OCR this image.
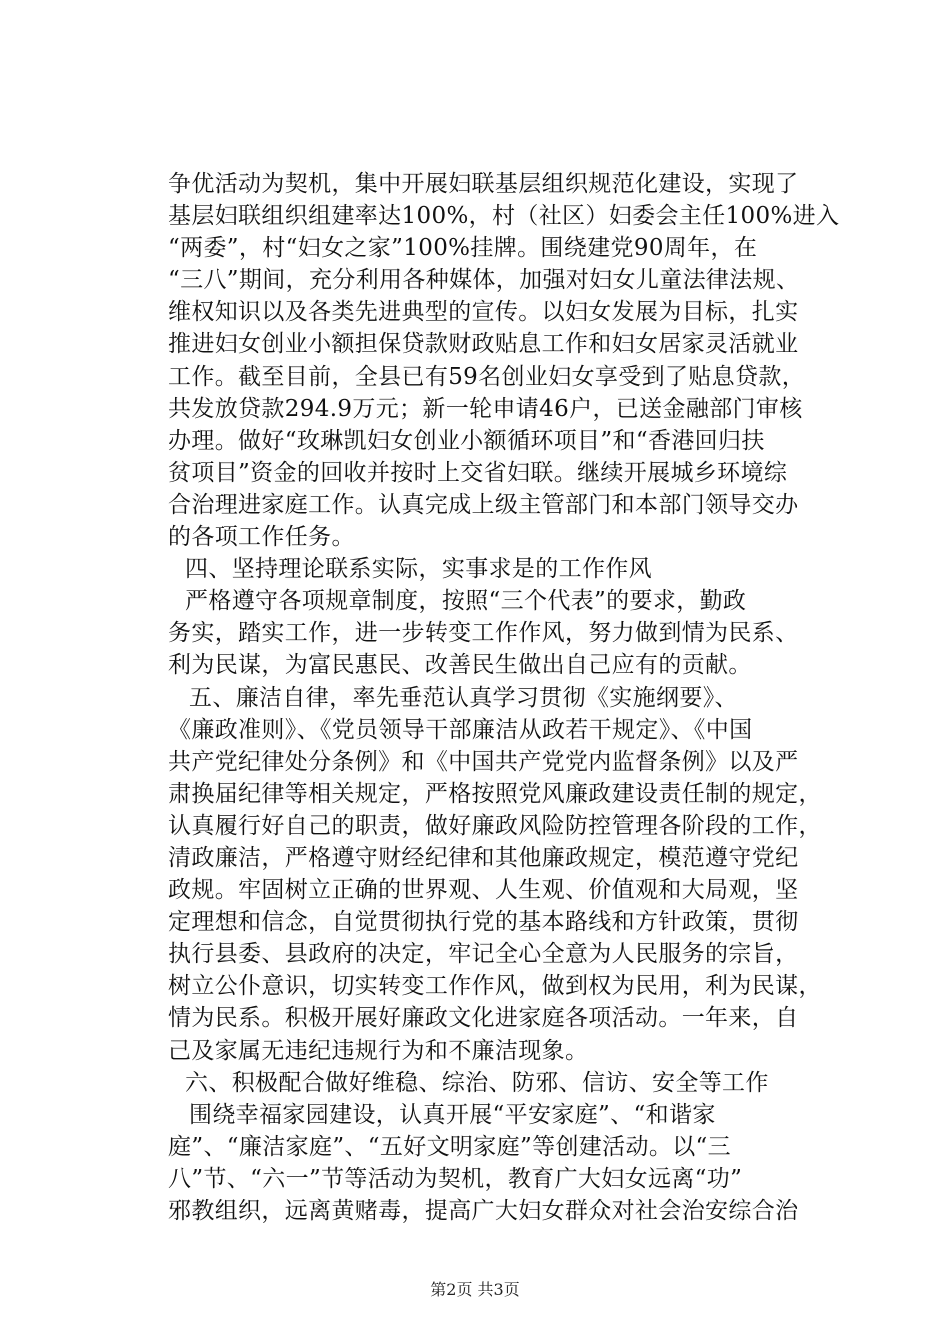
争优活动为契机，集中开展妇联基层组织规范化建设，实现了
基层妇联组织组建率达100%，村（社区）妇委会主任100%进入
“两委”，村“妇女之家”100%挂牌。围绕建党90周年，在
“三八”期间，充分利用各种媒体，加强对妇女儿童法律法规、
维权知识以及各类先进典型的宣传。以妇女发展为目标，扎实
推进妇女创业小额担保贷款财政贴息工作和妇女居家灵活就业
工作。截至目前，全县已有59名创业妇女享受到了贴息贷款，
共发放贷款294.9万元；新一轮申请46户，已送金融部门审核
办理。做好“玫琳凯妇女创业小额循环项目”和“香港回归扶
贫项目”资金的回收并按时上交省妇联。继续开展城乡环境综
合治理进家庭工作。认真完成上级主管部门和本部门领导交办
的各项工作任务。
四、坚持理论联系实际，实事求是的工作作风
严格遵守各项规章制度，按照“三个代表”的要求，勤政
务实，踏实工作，进一步转变工作作风，努力做到情为民系、
利为民谋，为富民惠民、改善民生做出自己应有的贡献。
五、廉洁自律，率先垂范认真学习贯彻《实施纲要》、
《廉政准则》、《党员领导干部廉洁从政若干规定》、《中国
共产党纪律处分条例》和《中国共产党党内监督条例》以及严
肃换届纪律等相关规定，严格按照党风廉政建设责任制的规定，
认真履行好自己的职责，做好廉政风险防控管理各阶段的工作，
清政廉洁，严格遵守财经纪律和其他廉政规定，模范遵守党纪
政规。牢固树立正确的世界观、人生观、价值观和大局观，坚
定理想和信念，自觉贯彻执行党的基本路线和方针政策，贯彻
执行县委、县政府的决定，牢记全心全意为人民服务的宗旨，
树立公仆意识，切实转变工作作风，做到权为民用，利为民谋，
情为民系。积极开展好廉政文化进家庭各项活动。一年来，自
己及家属无违纪违规行为和不廉洁现象。
六、积极配合做好维稳、综治、防邪、信访、安全等工作
围绕幸福家园建设，认真开展“平安家庭”、“和谐家
庭”、“廉洁家庭”、“五好文明家庭”等创建活动。以“三
八”节、“六一”节等活动为契机，教育广大妇女远离“功”
邪教组织，远离黄赌毒，提高广大妇女群众对社会治安综合治
第2页 共3页
